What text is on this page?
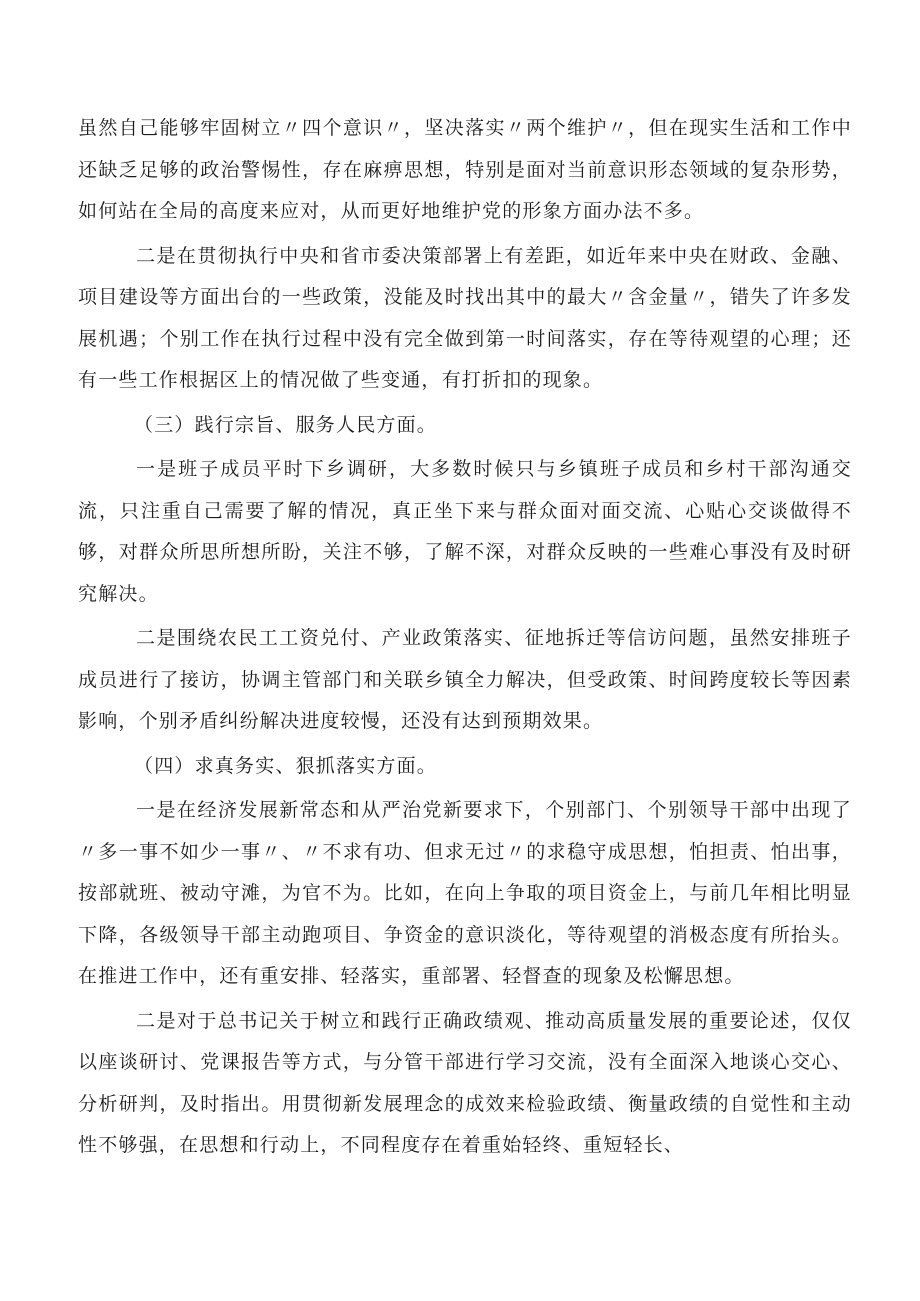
虽然自己能够牢固树立〃四个意识〃，坚决落实〃两个维护〃，但在现实生活和工作中还缺乏足够的政治警惕性，存在麻痹思想，特别是面对当前意识形态领域的复杂形势，如何站在全局的高度来应对，从而更好地维护党的形象方面办法不多。

二是在贯彻执行中央和省市委决策部署上有差距，如近年来中央在财政、金融、项目建设等方面出台的一些政策，没能及时找出其中的最大〃含金量〃，错失了许多发展机遇；个别工作在执行过程中没有完全做到第一时间落实，存在等待观望的心理；还有一些工作根据区上的情况做了些变通，有打折扣的现象。

（三）践行宗旨、服务人民方面。

一是班子成员平时下乡调研，大多数时候只与乡镇班子成员和乡村干部沟通交流，只注重自己需要了解的情况，真正坐下来与群众面对面交流、心贴心交谈做得不够，对群众所思所想所盼，关注不够，了解不深，对群众反映的一些难心事没有及时研究解决。

二是围绕农民工工资兑付、产业政策落实、征地拆迁等信访问题，虽然安排班子成员进行了接访，协调主管部门和关联乡镇全力解决，但受政策、时间跨度较长等因素影响，个别矛盾纠纷解决进度较慢，还没有达到预期效果。

（四）求真务实、狠抓落实方面。

一是在经济发展新常态和从严治党新要求下，个别部门、个别领导干部中出现了〃多一事不如少一事〃、〃不求有功、但求无过〃的求稳守成思想，怕担责、怕出事，按部就班、被动守滩，为官不为。比如，在向上争取的项目资金上，与前几年相比明显下降，各级领导干部主动跑项目、争资金的意识淡化，等待观望的消极态度有所抬头。在推进工作中，还有重安排、轻落实，重部署、轻督查的现象及松懈思想。

二是对于总书记关于树立和践行正确政绩观、推动高质量发展的重要论述，仅仅以座谈研讨、党课报告等方式，与分管干部进行学习交流，没有全面深入地谈心交心、分析研判，及时指出。用贯彻新发展理念的成效来检验政绩、衡量政绩的自觉性和主动性不够强，在思想和行动上，不同程度存在着重始轻终、重短轻长、
